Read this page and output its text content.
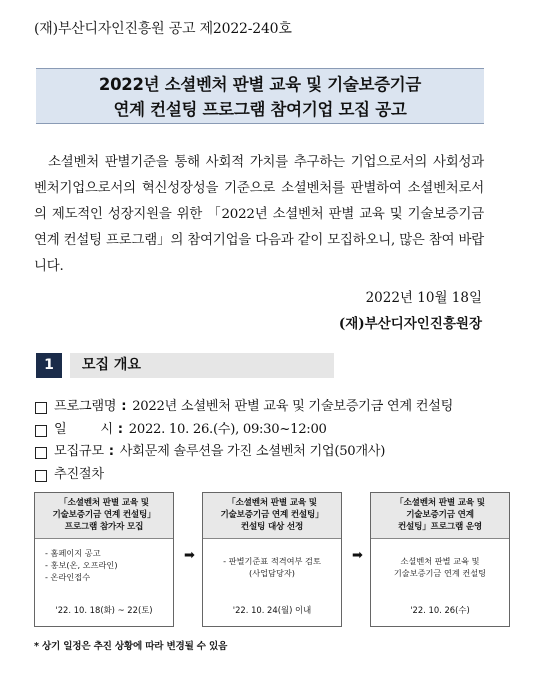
(재)부산디자인진흥원 공고 제2022-240호
2022년 소셜벤처 판별 교육 및 기술보증기금
연계 컨설팅 프로그램 참여기업 모집 공고

소셜벤처 판별기준을 통해 사회적 가치를 추구하는 기업으로서의 사회성과 벤처기업으로서의 혁신성장성을 기준으로 소셜벤처를 판별하여 소셜벤처로서의 제도적인 성장지원을 위한 「2022년 소셜벤처 판별 교육 및 기술보증기금 연계 컨설팅 프로그램」의 참여기업을 다음과 같이 모집하오니, 많은 참여 바랍니다.

2022년 10월 18일
(재)부산디자인진흥원장
1	모집 개요
프로그램명 : 2022년 소셜벤처 판별 교육 및 기술보증기금 연계 컨설팅
일 시 : 2022. 10. 26.(수), 09:30~12:00
모집규모 : 사회문제 솔루션을 가진 소셜벤처 기업(50개사)
추진절차
「소셜벤처 판별 교육 및
기술보증기금 연계 컨설팅」
프로그램 참가자 모집
- 홈페이지 공고
- 홍보(온, 오프라인)
- 온라인접수
'22. 10. 18(화) ~ 22(토)
➡
「소셜벤처 판별 교육 및
기술보증기금 연계 컨설팅」
컨설팅 대상 선정
- 판별기준표 적격여부 검토
(사업담당자)
'22. 10. 24(월) 이내
➡
「소셜벤처 판별 교육 및
기술보증기금 연계
컨설팅」프로그램 운영
소셜벤처 판별 교육 및
기술보증기금 연계 컨설팅
'22. 10. 26(수)
* 상기 일정은 추진 상황에 따라 변경될 수 있음
